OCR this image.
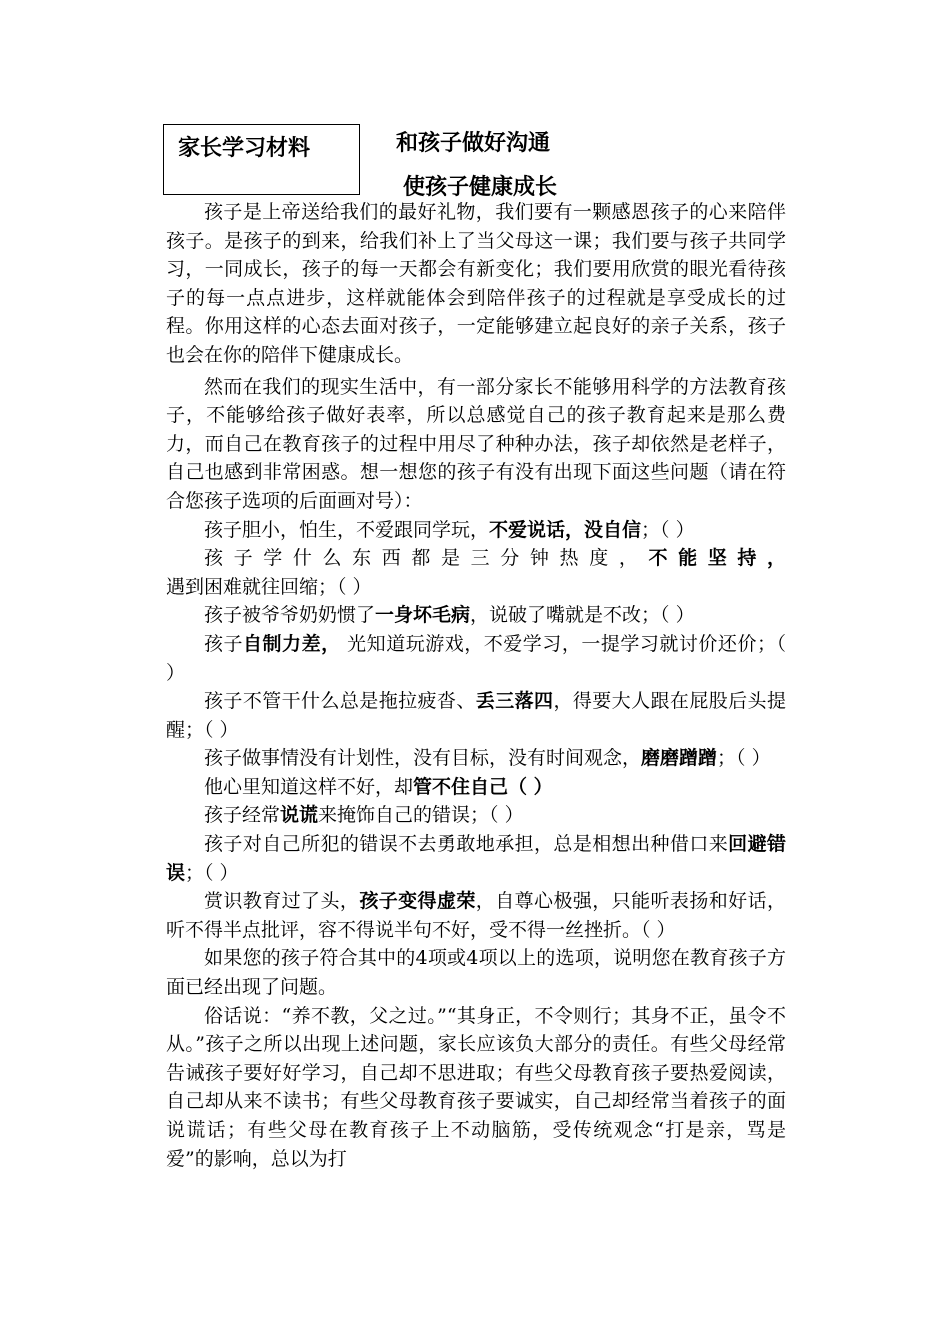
家长学习材料	和孩子做好沟通
使孩子健康成长

孩子是上帝送给我们的最好礼物，我们要有一颗感恩孩子的心来陪伴孩子。是孩子的到来，给我们补上了当父母这一课；我们要与孩子共同学习，一同成长，孩子的每一天都会有新变化；我们要用欣赏的眼光看待孩子的每一点点进步，这样就能体会到陪伴孩子的过程就是享受成长的过程。你用这样的心态去面对孩子，一定能够建立起良好的亲子关系，孩子也会在你的陪伴下健康成长。

然而在我们的现实生活中，有一部分家长不能够用科学的方法教育孩子，不能够给孩子做好表率，所以总感觉自己的孩子教育起来是那么费力，而自己在教育孩子的过程中用尽了种种办法，孩子却依然是老样子，自己也感到非常困惑。想一想您的孩子有没有出现下面这些问题（请在符合您孩子选项的后面画对号）：

孩子胆小，怕生，不爱跟同学玩，不爱说话，没自信；（ ）

孩子学什么东西都是三分钟热度，不能坚持，遇到困难就往回缩；（ ）

孩子被爷爷奶奶惯了一身坏毛病，说破了嘴就是不改；（ ）

孩子自制力差， 光知道玩游戏，不爱学习，一提学习就讨价还价；（ ）

孩子不管干什么总是拖拉疲沓、丢三落四，得要大人跟在屁股后头提醒；（ ）

孩子做事情没有计划性，没有目标，没有时间观念，磨磨蹭蹭；（ ）

他心里知道这样不好，却管不住自己（ ）

孩子经常说谎来掩饰自己的错误；（ ）

孩子对自己所犯的错误不去勇敢地承担，总是相想出种借口来回避错误；（ ）

赏识教育过了头，孩子变得虚荣，自尊心极强，只能听表扬和好话，听不得半点批评，容不得说半句不好，受不得一丝挫折。（ ）

如果您的孩子符合其中的4项或4项以上的选项，说明您在教育孩子方面已经出现了问题。

俗话说：“养不教，父之过。”“其身正，不令则行；其身不正，虽令不从。”孩子之所以出现上述问题，家长应该负大部分的责任。有些父母经常告诫孩子要好好学习，自己却不思进取；有些父母教育孩子要热爱阅读，自己却从来不读书；有些父母教育孩子要诚实，自己却经常当着孩子的面说谎话；有些父母在教育孩子上不动脑筋，受传统观念“打是亲，骂是爱”的影响，总以为打
